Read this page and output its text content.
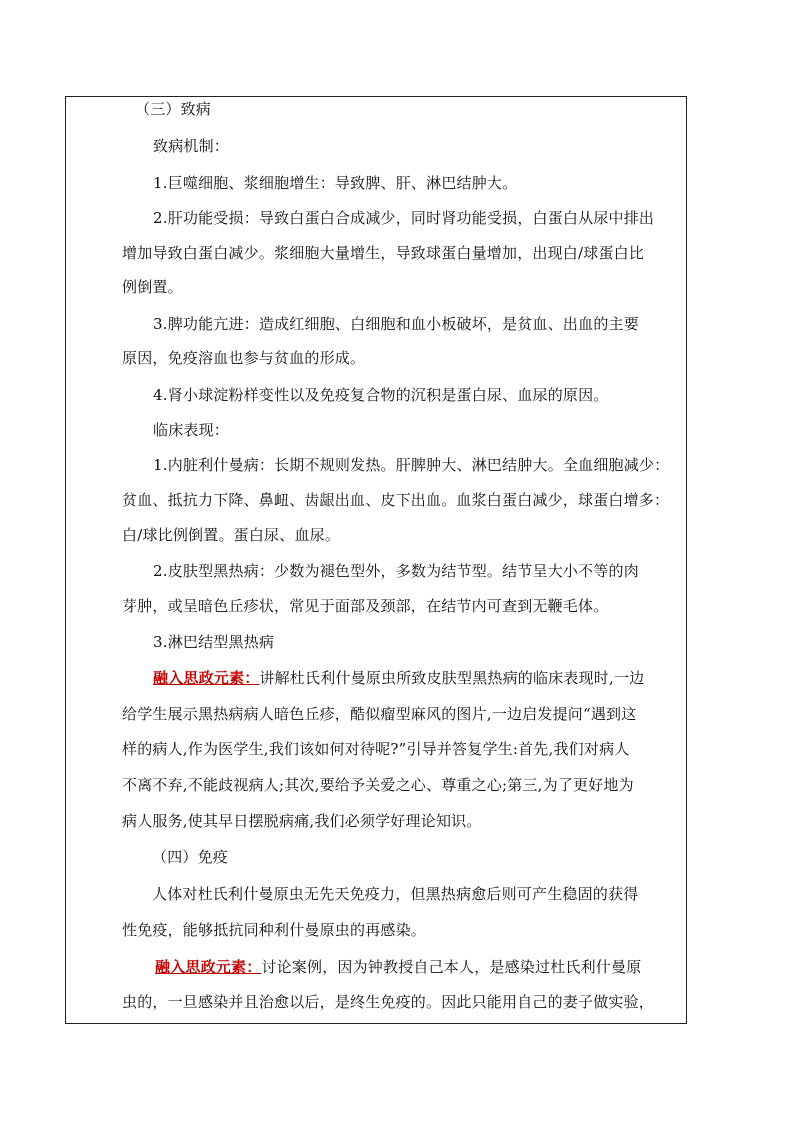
（三）致病
致病机制：
1.巨噬细胞、浆细胞增生：导致脾、肝、淋巴结肿大。
2.肝功能受损：导致白蛋白合成减少，同时肾功能受损，白蛋白从尿中排出
增加导致白蛋白减少。浆细胞大量增生，导致球蛋白量增加，出现白/球蛋白比
例倒置。
3.脾功能亢进：造成红细胞、白细胞和血小板破坏，是贫血、出血的主要
原因，免疫溶血也参与贫血的形成。
4.肾小球淀粉样变性以及免疫复合物的沉积是蛋白尿、血尿的原因。
临床表现：
1.内脏利什曼病：长期不规则发热。肝脾肿大、淋巴结肿大。全血细胞减少：
贫血、抵抗力下降、鼻衄、齿龈出血、皮下出血。血浆白蛋白减少，球蛋白增多：
白/球比例倒置。蛋白尿、血尿。
2.皮肤型黑热病：少数为褪色型外，多数为结节型。结节呈大小不等的肉
芽肿，或呈暗色丘疹状，常见于面部及颈部，在结节内可查到无鞭毛体。
3.淋巴结型黑热病
融入思政元素：讲解杜氏利什曼原虫所致皮肤型黑热病的临床表现时,一边
给学生展示黑热病病人暗色丘疹，酷似瘤型麻风的图片,一边启发提问“遇到这
样的病人,作为医学生,我们该如何对待呢?”引导并答复学生:首先,我们对病人
不离不弃,不能歧视病人;其次,要给予关爱之心、尊重之心;第三,为了更好地为
病人服务,使其早日摆脱病痛,我们必须学好理论知识。
（四）免疫
人体对杜氏利什曼原虫无先天免疫力，但黑热病愈后则可产生稳固的获得
性免疫，能够抵抗同种利什曼原虫的再感染。
融入思政元素：讨论案例，因为钟教授自己本人，是感染过杜氏利什曼原
虫的，一旦感染并且治愈以后，是终生免疫的。因此只能用自己的妻子做实验，
